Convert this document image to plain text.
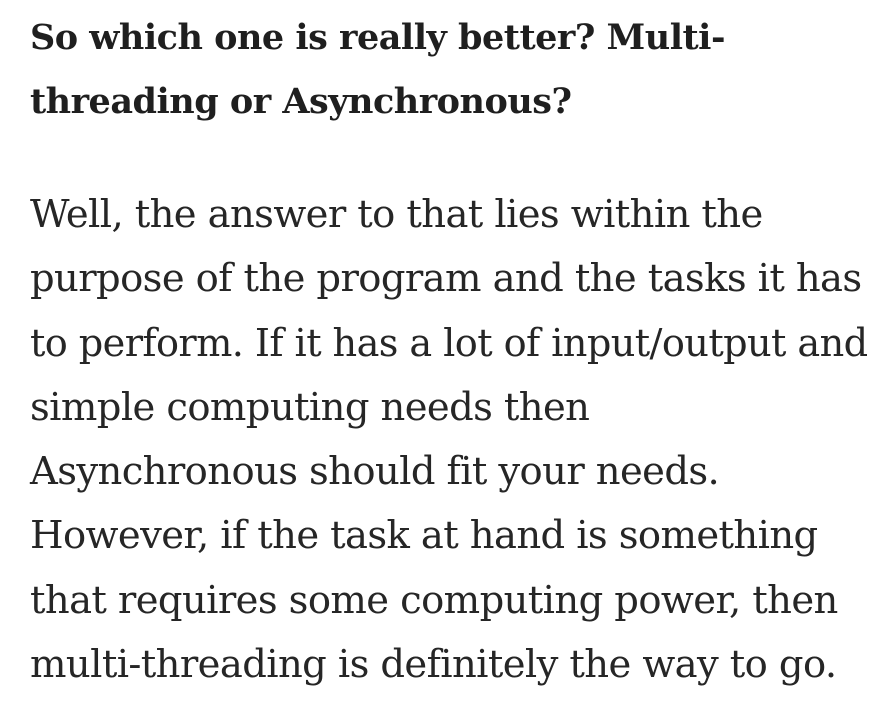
So which one is really better? Multi-
threading or Asynchronous?

Well, the answer to that lies within the
purpose of the program and the tasks it has
to perform. If it has a lot of input/output and
simple computing needs then
Asynchronous should fit your needs.
However, if the task at hand is something
that requires some computing power, then
multi-threading is definitely the way to go.
